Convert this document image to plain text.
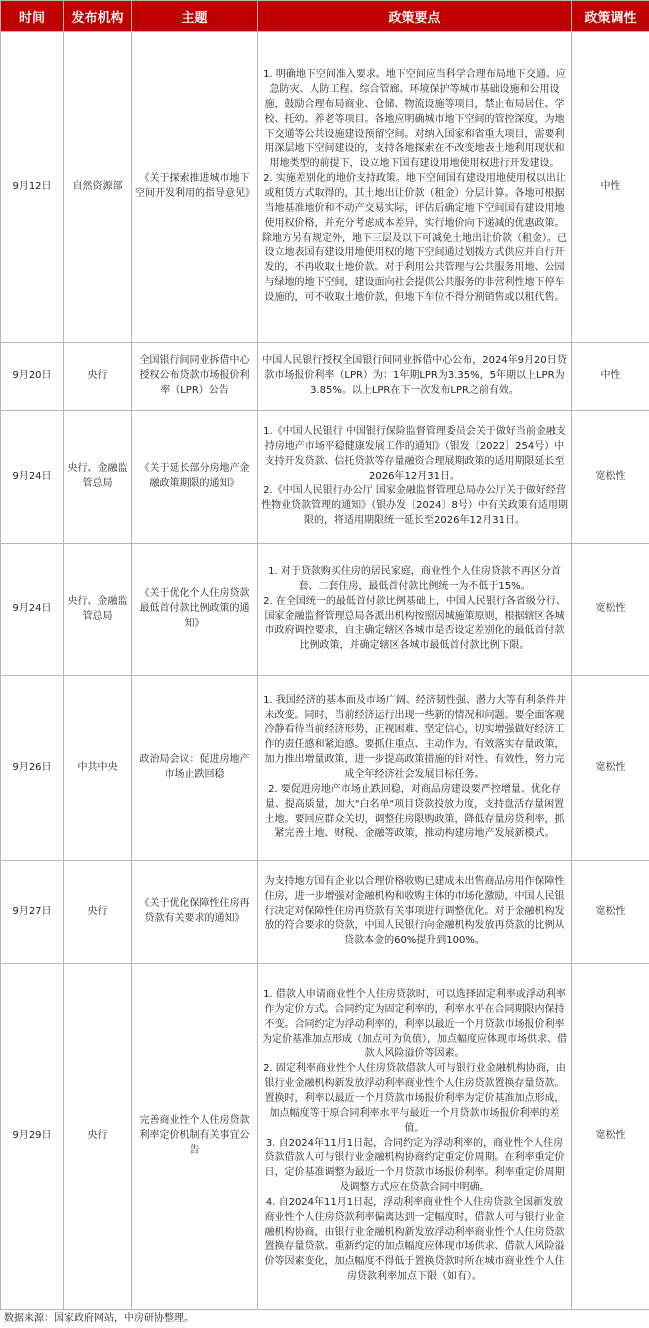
时间	发布机构	主题	政策要点	政策调性
9月12日	自然资源部	《关于探索推进城市地下空间开发利用的指导意见》	1. 明确地下空间准入要求。地下空间应当科学合理布局地下交通、应急防灾、人防工程、综合管廊、环境保护等城市基础设施和公用设施，鼓励合理布局商业、仓储、物流设施等项目，禁止布局居住、学校、托幼、养老等项目。各地应明确城市地下空间的管控深度，为地下交通等公共设施建设预留空间。对纳入国家和省重大项目，需要利用深层地下空间建设的，支持各地探索在不改变地表土地利用现状和用地类型的前提下，设立地下国有建设用地使用权进行开发建设。
2. 实施差别化的地价支持政策。地下空间国有建设用地使用权以出让或租赁方式取得的，其土地出让价款（租金）分层计算。各地可根据当地基准地价和不动产交易实际，评估后确定地下空间国有建设用地使用权价格，并充分考虑成本差异，实行地价向下递减的优惠政策。除地方另有规定外，地下三层及以下可减免土地出让价款（租金）。已设立地表国有建设用地使用权的地下空间通过划拨方式供应并自行开发的，不再收取土地价款。对于利用公共管理与公共服务用地、公园与绿地的地下空间，建设面向社会提供公共服务的非营利性地下停车设施的，可不收取土地价款，但地下车位不得分割销售或以租代售。	中性
9月20日	央行	全国银行间同业拆借中心授权公布贷款市场报价利率（LPR）公告	中国人民银行授权全国银行间同业拆借中心公布，2024年9月20日贷款市场报价利率（LPR）为：1年期LPR为3.35%，5年期以上LPR为3.85%。以上LPR在下一次发布LPR之前有效。	中性
9月24日	央行、金融监管总局	《关于延长部分房地产金融政策期限的通知》	1.《中国人民银行 中国银行保险监督管理委员会关于做好当前金融支持房地产市场平稳健康发展工作的通知》（银发〔2022〕254号）中支持开发贷款、信托贷款等存量融资合理展期政策的适用期限延长至2026年12月31日。
2.《中国人民银行办公厅 国家金融监督管理总局办公厅关于做好经营性物业贷款管理的通知》（银办发〔2024〕8号）中有关政策有适用期限的，将适用期限统一延长至2026年12月31日。	宽松性
9月24日	央行、金融监管总局	《关于优化个人住房贷款最低首付款比例政策的通知》	1. 对于贷款购买住房的居民家庭，商业性个人住房贷款不再区分首套、二套住房，最低首付款比例统一为不低于15%。
2. 在全国统一的最低首付款比例基础上，中国人民银行各省级分行、国家金融监督管理总局各派出机构按照因城施策原则，根据辖区各城市政府调控要求，自主确定辖区各城市是否设定差别化的最低首付款比例政策，并确定辖区各城市最低首付款比例下限。	宽松性
9月26日	中共中央	政治局会议：促进房地产市场止跌回稳	1. 我国经济的基本面及市场广阔、经济韧性强、潜力大等有利条件并未改变。同时，当前经济运行出现一些新的情况和问题。要全面客观冷静看待当前经济形势，正视困难、坚定信心，切实增强做好经济工作的责任感和紧迫感。要抓住重点、主动作为，有效落实存量政策，加力推出增量政策，进一步提高政策措施的针对性、有效性，努力完成全年经济社会发展目标任务。
2. 要促进房地产市场止跌回稳，对商品房建设要严控增量、优化存量、提高质量，加大"白名单"项目贷款投放力度，支持盘活存量闲置土地。要回应群众关切，调整住房限购政策，降低存量房贷利率，抓紧完善土地、财税、金融等政策，推动构建房地产发展新模式。	宽松性
9月27日	央行	《关于优化保障性住房再贷款有关要求的通知》	为支持地方国有企业以合理价格收购已建成未出售商品房用作保障性住房，进一步增强对金融机构和收购主体的市场化激励，中国人民银行决定对保障性住房再贷款有关事项进行调整优化。对于金融机构发放的符合要求的贷款，中国人民银行向金融机构发放再贷款的比例从贷款本金的60%提升到100%。	宽松性
9月29日	央行	完善商业性个人住房贷款利率定价机制有关事宜公告	1. 借款人申请商业性个人住房贷款时，可以选择固定利率或浮动利率作为定价方式。合同约定为固定利率的，利率水平在合同期限内保持不变。合同约定为浮动利率的，利率以最近一个月贷款市场报价利率为定价基准加点形成（加点可为负值），加点幅度应体现市场供求、借款人风险溢价等因素。
2. 固定利率商业性个人住房贷款借款人可与银行业金融机构协商，由银行业金融机构新发放浮动利率商业性个人住房贷款置换存量贷款。置换时，利率以最近一个月贷款市场报价利率为定价基准加点形成，加点幅度等于原合同利率水平与最近一个月贷款市场报价利率的差值。
3. 自2024年11月1日起，合同约定为浮动利率的，商业性个人住房贷款借款人可与银行业金融机构协商约定重定价周期。在利率重定价日，定价基准调整为最近一个月贷款市场报价利率。利率重定价周期及调整方式应在贷款合同中明确。
4. 自2024年11月1日起，浮动利率商业性个人住房贷款全国新发放商业性个人住房贷款利率偏离达到一定幅度时，借款人可与银行业金融机构协商，由银行业金融机构新发放浮动利率商业性个人住房贷款置换存量贷款。重新约定的加点幅度应体现市场供求、借款人风险溢价等因素变化，加点幅度不得低于置换贷款时所在城市商业性个人住房贷款利率加点下限（如有）。	宽松性
数据来源：国家政府网站，中房研协整理。
